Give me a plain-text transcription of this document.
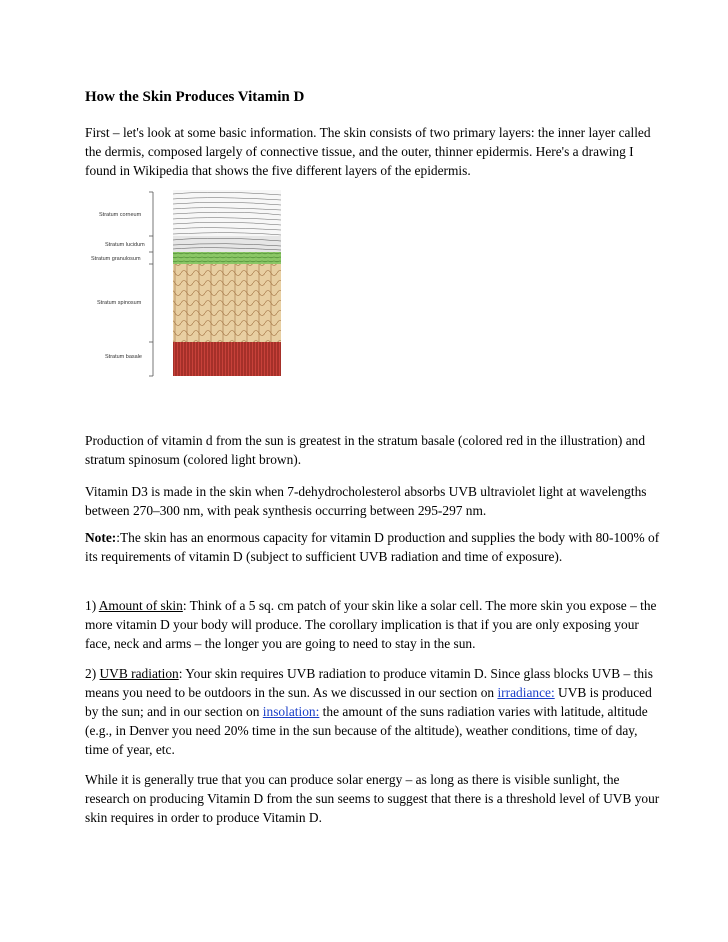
How the Skin Produces Vitamin D

First – let's look at some basic information. The skin consists of two primary layers: the inner layer called the dermis, composed largely of connective tissue, and the outer, thinner epidermis. Here's a drawing I found in Wikipedia that shows the five different layers of the epidermis.

Stratum corneum
Stratum lucidum
Stratum granulosum
Stratum spinosum
Stratum basale

Production of vitamin d from the sun is greatest in the stratum basale (colored red in the illustration) and stratum spinosum (colored light brown).

Vitamin D3 is made in the skin when 7-dehydrocholesterol absorbs UVB ultraviolet light at wavelengths between 270–300 nm, with peak synthesis occurring between 295-297 nm.

Note::The skin has an enormous capacity for vitamin D production and supplies the body with 80-100% of its requirements of vitamin D (subject to sufficient UVB radiation and time of exposure).

1) Amount of skin: Think of a 5 sq. cm patch of your skin like a solar cell. The more skin you expose – the more vitamin D your body will produce. The corollary implication is that if you are only exposing your face, neck and arms – the longer you are going to need to stay in the sun.

2) UVB radiation: Your skin requires UVB radiation to produce vitamin D. Since glass blocks UVB – this means you need to be outdoors in the sun. As we discussed in our section on irradiance: UVB is produced by the sun; and in our section on insolation: the amount of the suns radiation varies with latitude, altitude (e.g., in Denver you need 20% time in the sun because of the altitude), weather conditions, time of day, time of year, etc.

While it is generally true that you can produce solar energy – as long as there is visible sunlight, the research on producing Vitamin D from the sun seems to suggest that there is a threshold level of UVB your skin requires in order to produce Vitamin D.
